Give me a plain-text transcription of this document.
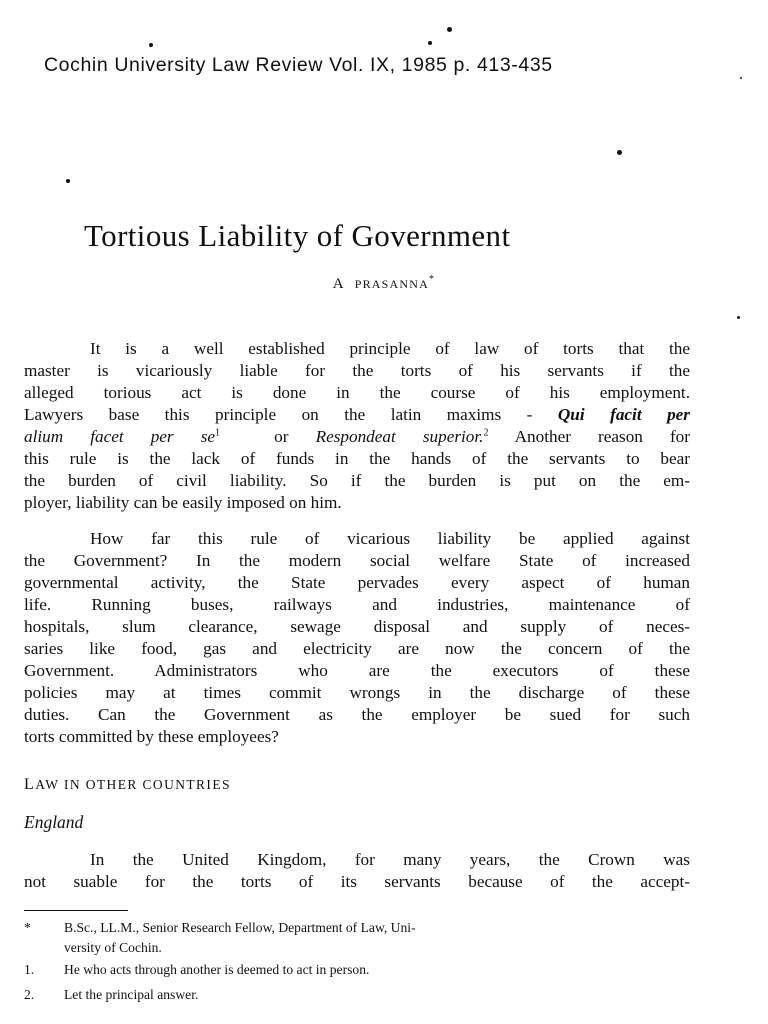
Cochin University Law Review Vol. IX, 1985 p. 413-435
Tortious Liability of Government
A PRASANNA*
It is a well established principle of law of torts that the
master is vicariously liable for the torts of his servants if the
alleged torious act is done in the course of his employment.
Lawyers base this principle on the latin maxims - Qui facit per
alium facet per $se^1$	or Respondeat superior.$^2$ Another reason for
this rule is the lack of funds in the hands of the servants to bear
the burden of civil liability. So if the burden is put on the em-
ployer, liability can be easily imposed on him.
How far this rule of vicarious liability be applied against
the Government? In the modern social welfare State of increased
governmental activity, the State pervades every aspect of human
life. Running buses, railways and industries, maintenance of
hospitals, slum clearance, sewage disposal and supply of neces-
saries like food, gas and electricity are now the concern of the
Government. Administrators who are the executors of these
policies may at times commit wrongs in the discharge of these
duties. Can the Government as the employer be sued for such
torts committed by these employees?
LAW IN OTHER COUNTRIES
England
In the United Kingdom, for many years, the Crown was
not suable for the torts of its servants because of the accept-
* B.Sc., LL.M., Senior Research Fellow, Department of Law, Uni-
versity of Cochin.
1. He who acts through another is deemed to act in person.
2. Let the principal answer.
